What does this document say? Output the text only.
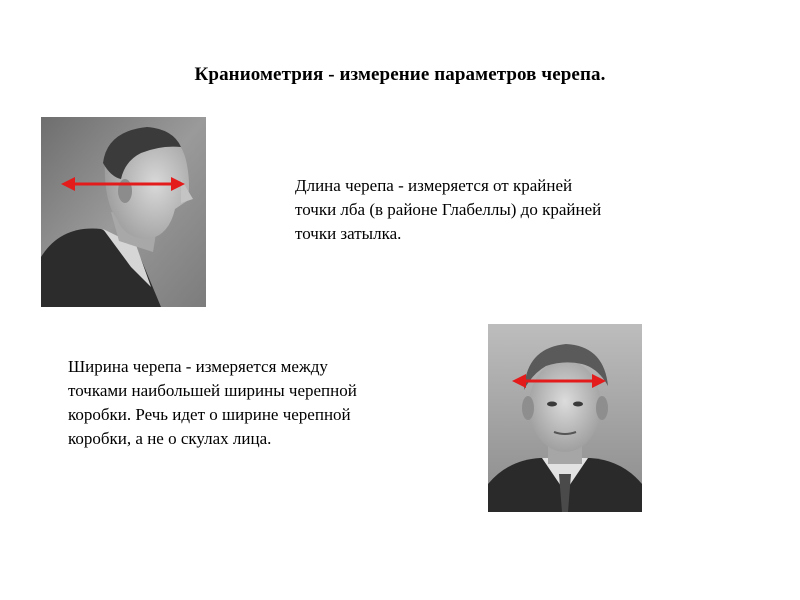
Краниометрия - измерение параметров черепа.
Длина черепа - измеряется от крайней
точки лба (в районе Глабеллы) до крайней
точки затылка.
Ширина черепа - измеряется между
точками наибольшей ширины черепной
коробки. Речь идет о ширине черепной
коробки, а не о скулах лица.
